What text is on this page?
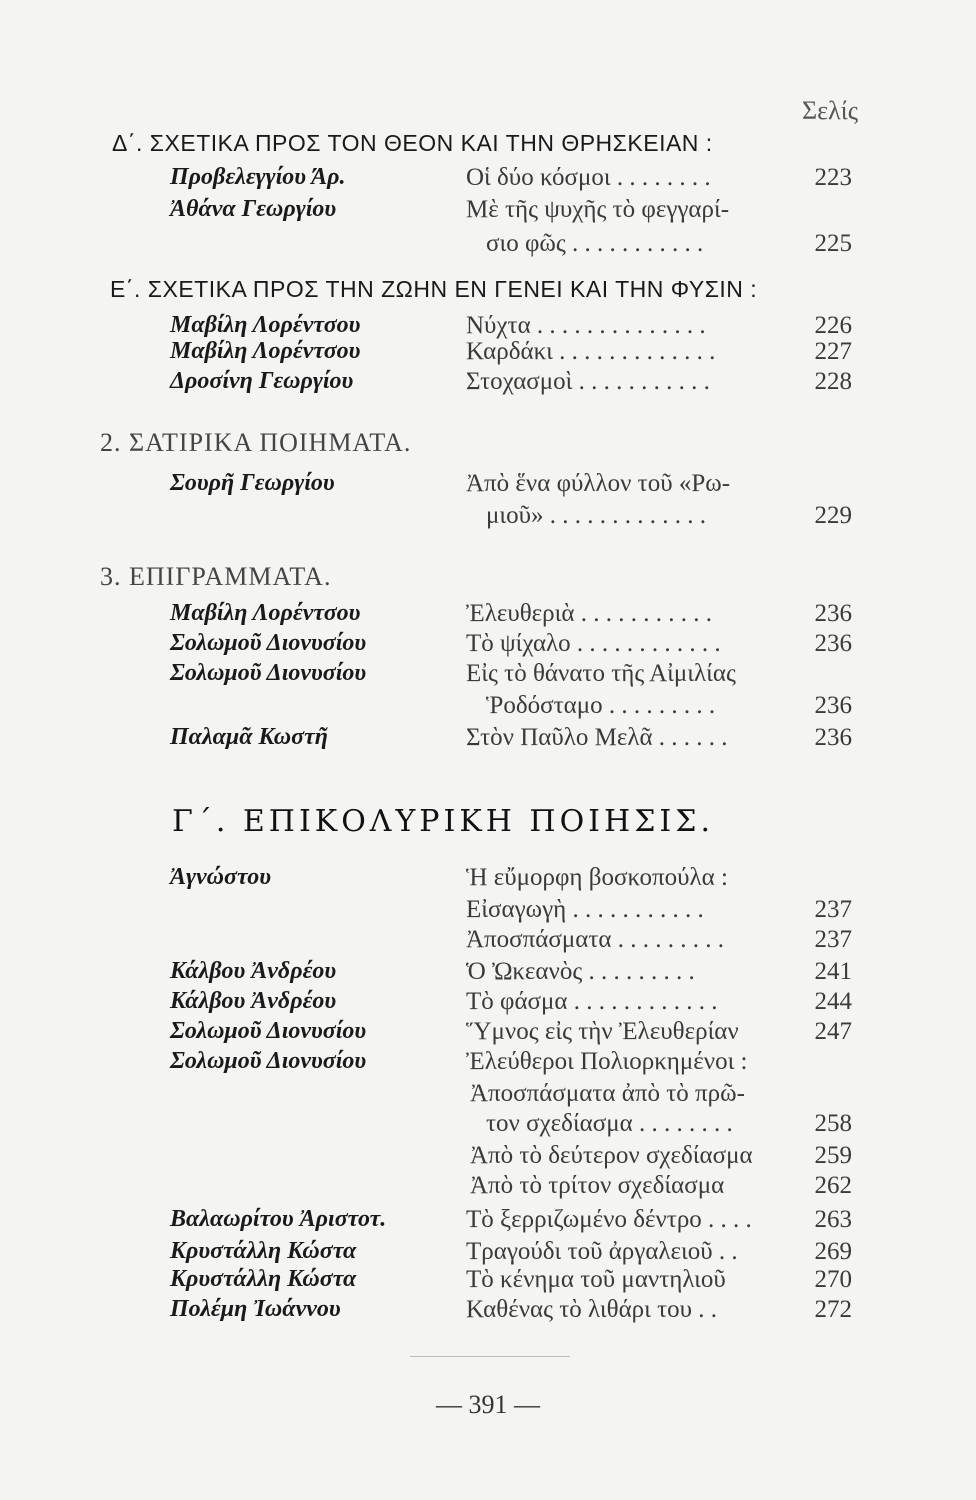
Σελίς
Δ΄. ΣΧΕΤΙΚΑ ΠΡΟΣ ΤΟΝ ΘΕΟΝ ΚΑΙ ΤΗΝ ΘΡΗΣΚΕΙΑΝ :
Προβελεγγίου Άρ.	Οἱ δύο κόσμοι . . . . . . . .	223
Ἀθάνα Γεωργίου	Μὲ τῆς ψυχῆς τὸ φεγγαρί-
σιο φῶς . . . . . . . . . . .	225
Ε΄. ΣΧΕΤΙΚΑ ΠΡΟΣ ΤΗΝ ΖΩΗΝ ΕΝ ΓΕΝΕΙ ΚΑΙ ΤΗΝ ΦΥΣΙΝ :
Μαβίλη Λορέντσου	Νύχτα . . . . . . . . . . . . . .	226
Μαβίλη Λορέντσου	Καρδάκι . . . . . . . . . . . . .	227
Δροσίνη Γεωργίου	Στοχασμοὶ . . . . . . . . . . .	228
2. ΣΑΤΙΡΙΚΑ ΠΟΙΗΜΑΤΑ.
Σουρῆ Γεωργίου	Ἀπὸ ἕνα φύλλον τοῦ «Ρω-
μιοῦ» . . . . . . . . . . . . .	229
3. ΕΠΙΓΡΑΜΜΑΤΑ.
Μαβίλη Λορέντσου	Ἐλευθεριὰ . . . . . . . . . . .	236
Σολωμοῦ Διονυσίου	Τὸ ψίχαλο . . . . . . . . . . . .	236
Σολωμοῦ Διονυσίου	Εἰς τὸ θάνατο τῆς Αἰμιλίας
Ῥοδόσταμο . . . . . . . . .	236
Παλαμᾶ Κωστῆ	Στὸν Παῦλο Μελᾶ . . . . . .	236
Γ΄. ΕΠΙΚΟΛΥΡΙΚΗ ΠΟΙΗΣΙΣ.
Ἀγνώστου	Ἡ εὔμορφη βοσκοπούλα :
Εἰσαγωγὴ . . . . . . . . . . .	237
Ἀποσπάσματα . . . . . . . . .	237
Κάλβου Ἀνδρέου	Ὁ Ὠκεανὸς . . . . . . . . .	241
Κάλβου Ἀνδρέου	Τὸ φάσμα . . . . . . . . . . . .	244
Σολωμοῦ Διονυσίου	Ὕμνος εἰς τὴν Ἐλευθερίαν	247
Σολωμοῦ Διονυσίου	Ἐλεύθεροι Πολιορκημένοι :
Ἀποσπάσματα ἀπὸ τὸ πρῶ-
τον σχεδίασμα . . . . . . . .	258
Ἀπὸ τὸ δεύτερον σχεδίασμα 259
Ἀπὸ τὸ τρίτον σχεδίασμα	262
Βαλαωρίτου Ἀριστοτ.	Τὸ ξερριζωμένο δέντρο . . . .	263
Κρυστάλλη Κώστα	Τραγούδι τοῦ ἀργαλειοῦ . .	269
Κρυστάλλη Κώστα	Τὸ κένημα τοῦ μαντηλιοῦ	270
Πολέμη Ἰωάννου	Καθένας τὸ λιθάρι του . .	272
— 391 —
